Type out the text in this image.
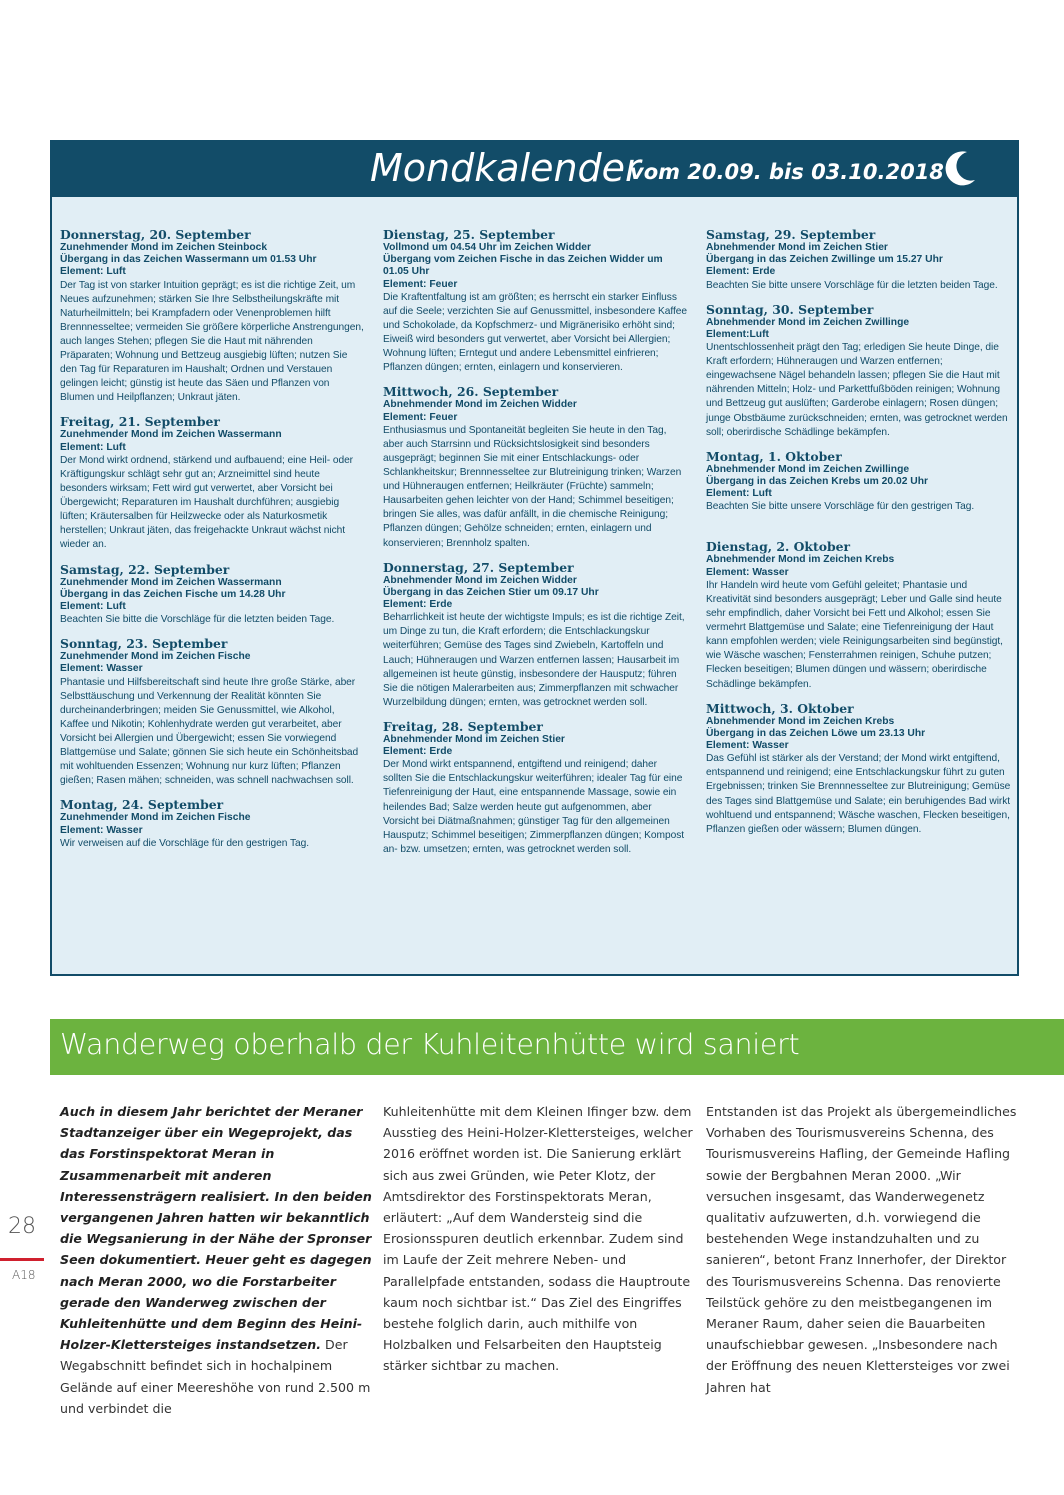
Mondkalender
vom 20.09. bis 03.10.2018
Donnerstag, 20. September
Zunehmender Mond im Zeichen Steinbock
Übergang in das Zeichen Wassermann um 01.53 Uhr
Element: Luft
Der Tag ist von starker Intuition geprägt; es ist die richtige Zeit, um Neues aufzunehmen; stärken Sie Ihre Selbstheilungskräfte mit Naturheilmitteln; bei Krampfadern oder Venenproblemen hilft Brennnesseltee; vermeiden Sie größere körperliche Anstrengungen, auch langes Stehen; pflegen Sie die Haut mit nährenden Präparaten; Wohnung und Bettzeug ausgiebig lüften; nutzen Sie den Tag für Reparaturen im Haushalt; Ordnen und Verstauen gelingen leicht; günstig ist heute das Säen und Pflanzen von Blumen und Heilpflanzen; Unkraut jäten.
Freitag, 21. September
Zunehmender Mond im Zeichen Wassermann
Element: Luft
Der Mond wirkt ordnend, stärkend und aufbauend; eine Heil- oder Kräftigungskur schlägt sehr gut an; Arzneimittel sind heute besonders wirksam; Fett wird gut verwertet, aber Vorsicht bei Übergewicht; Reparaturen im Haushalt durchführen; ausgiebig lüften; Kräutersalben für Heilzwecke oder als Naturkosmetik herstellen; Unkraut jäten, das freigehackte Unkraut wächst nicht wieder an.
Samstag, 22. September
Zunehmender Mond im Zeichen Wassermann
Übergang in das Zeichen Fische um 14.28 Uhr
Element: Luft
Beachten Sie bitte die Vorschläge für die letzten beiden Tage.
Sonntag, 23. September
Zunehmender Mond im Zeichen Fische
Element: Wasser
Phantasie und Hilfsbereitschaft sind heute Ihre große Stärke, aber Selbsttäuschung und Verkennung der Realität könnten Sie durcheinanderbringen; meiden Sie Genussmittel, wie Alkohol, Kaffee und Nikotin; Kohlenhydrate werden gut verarbeitet, aber Vorsicht bei Allergien und Übergewicht; essen Sie vorwiegend Blattgemüse und Salate; gönnen Sie sich heute ein Schönheitsbad mit wohltuenden Essenzen; Wohnung nur kurz lüften; Pflanzen gießen; Rasen mähen; schneiden, was schnell nachwachsen soll.
Montag, 24. September
Zunehmender Mond im Zeichen Fische
Element: Wasser
Wir verweisen auf die Vorschläge für den gestrigen Tag.
Dienstag, 25. September
Vollmond um 04.54 Uhr im Zeichen Widder
Übergang vom Zeichen Fische in das Zeichen Widder um 01.05 Uhr
Element: Feuer
Die Kraftentfaltung ist am größten; es herrscht ein starker Einfluss auf die Seele; verzichten Sie auf Genussmittel, insbesondere Kaffee und Schokolade, da Kopfschmerz- und Migränerisiko erhöht sind; Eiweiß wird besonders gut verwertet, aber Vorsicht bei Allergien; Wohnung lüften; Erntegut und andere Lebensmittel einfrieren; Pflanzen düngen; ernten, einlagern und konservieren.
Mittwoch, 26. September
Abnehmender Mond im Zeichen Widder
Element: Feuer
Enthusiasmus und Spontaneität begleiten Sie heute in den Tag, aber auch Starrsinn und Rücksichtslosigkeit sind besonders ausgeprägt; beginnen Sie mit einer Entschlackungs- oder Schlankheitskur; Brennnesseltee zur Blutreinigung trinken; Warzen und Hühneraugen entfernen; Heilkräuter (Früchte) sammeln; Hausarbeiten gehen leichter von der Hand; Schimmel beseitigen; bringen Sie alles, was dafür anfällt, in die chemische Reinigung; Pflanzen düngen; Gehölze schneiden; ernten, einlagern und konservieren; Brennholz spalten.
Donnerstag, 27. September
Abnehmender Mond im Zeichen Widder
Übergang in das Zeichen Stier um 09.17 Uhr
Element: Erde
Beharrlichkeit ist heute der wichtigste Impuls; es ist die richtige Zeit, um Dinge zu tun, die Kraft erfordern; die Entschlackungskur weiterführen; Gemüse des Tages sind Zwiebeln, Kartoffeln und Lauch; Hühneraugen und Warzen entfernen lassen; Hausarbeit im allgemeinen ist heute günstig, insbesondere der Hausputz; führen Sie die nötigen Malerarbeiten aus; Zimmerpflanzen mit schwacher Wurzelbildung düngen; ernten, was getrocknet werden soll.
Freitag, 28. September
Abnehmender Mond im Zeichen Stier
Element: Erde
Der Mond wirkt entspannend, entgiftend und reinigend; daher sollten Sie die Entschlackungskur weiterführen; idealer Tag für eine Tiefenreinigung der Haut, eine entspannende Massage, sowie ein heilendes Bad; Salze werden heute gut aufgenommen, aber Vorsicht bei Diätmaßnahmen; günstiger Tag für den allgemeinen Hausputz; Schimmel beseitigen; Zimmerpflanzen düngen; Kompost an- bzw. umsetzen; ernten, was getrocknet werden soll.
Samstag, 29. September
Abnehmender Mond im Zeichen Stier
Übergang in das Zeichen Zwillinge um 15.27 Uhr
Element: Erde
Beachten Sie bitte unsere Vorschläge für die letzten beiden Tage.
Sonntag, 30. September
Abnehmender Mond im Zeichen Zwillinge
Element:Luft
Unentschlossenheit prägt den Tag; erledigen Sie heute Dinge, die Kraft erfordern; Hühneraugen und Warzen entfernen; eingewachsene Nägel behandeln lassen; pflegen Sie die Haut mit nährenden Mitteln; Holz- und Parkettfußböden reinigen; Wohnung und Bettzeug gut auslüften; Garderobe einlagern; Rosen düngen; junge Obstbäume zurückschneiden; ernten, was getrocknet werden soll; oberirdische Schädlinge bekämpfen.
Montag, 1. Oktober
Abnehmender Mond im Zeichen Zwillinge
Übergang in das Zeichen Krebs um 20.02 Uhr
Element: Luft
Beachten Sie bitte unsere Vorschläge für den gestrigen Tag.
Dienstag, 2. Oktober
Abnehmender Mond im Zeichen Krebs
Element: Wasser
Ihr Handeln wird heute vom Gefühl geleitet; Phantasie und Kreativität sind besonders ausgeprägt; Leber und Galle sind heute sehr empfindlich, daher Vorsicht bei Fett und Alkohol; essen Sie vermehrt Blattgemüse und Salate; eine Tiefenreinigung der Haut kann empfohlen werden; viele Reinigungsarbeiten sind begünstigt, wie Wäsche waschen; Fensterrahmen reinigen, Schuhe putzen; Flecken beseitigen; Blumen düngen und wässern; oberirdische Schädlinge bekämpfen.
Mittwoch, 3. Oktober
Abnehmender Mond im Zeichen Krebs
Übergang in das Zeichen Löwe um 23.13 Uhr
Element: Wasser
Das Gefühl ist stärker als der Verstand; der Mond wirkt entgiftend, entspannend und reinigend; eine Entschlackungskur führt zu guten Ergebnissen; trinken Sie Brennnesseltee zur Blutreinigung; Gemüse des Tages sind Blattgemüse und Salate; ein beruhigendes Bad wirkt wohltuend und entspannend; Wäsche waschen, Flecken beseitigen, Pflanzen gießen oder wässern; Blumen düngen.
Wanderweg oberhalb der Kuhleitenhütte wird saniert
Auch in diesem Jahr berichtet der Meraner Stadtanzeiger über ein Wegeprojekt, das das Forstinspektorat Meran in Zusammenarbeit mit anderen Interessensträgern realisiert. In den beiden vergangenen Jahren hatten wir bekanntlich die Wegsanierung in der Nähe der Spronser Seen dokumentiert. Heuer geht es dagegen nach Meran 2000, wo die Forstarbeiter gerade den Wanderweg zwischen der Kuhleitenhütte und dem Beginn des Heini-Holzer-Klettersteiges instandsetzen. Der Wegabschnitt befindet sich in hochalpinem Gelände auf einer Meereshöhe von rund 2.500 m und verbindet die
Kuhleitenhütte mit dem Kleinen Ifinger bzw. dem Ausstieg des Heini-Holzer-Klettersteiges, welcher 2016 eröffnet worden ist. Die Sanierung erklärt sich aus zwei Gründen, wie Peter Klotz, der Amtsdirektor des Forstinspektorats Meran, erläutert: „Auf dem Wandersteig sind die Erosionsspuren deutlich erkennbar. Zudem sind im Laufe der Zeit mehrere Neben- und Parallelpfade entstanden, sodass die Hauptroute kaum noch sichtbar ist.“ Das Ziel des Eingriffes bestehe folglich darin, auch mithilfe von Holzbalken und Felsarbeiten den Hauptsteig stärker sichtbar zu machen.
Entstanden ist das Projekt als übergemeindliches Vorhaben des Tourismusvereins Schenna, des Tourismusvereins Hafling, der Gemeinde Hafling sowie der Bergbahnen Meran 2000. „Wir versuchen insgesamt, das Wanderwegenetz qualitativ aufzuwerten, d.h. vorwiegend die bestehenden Wege instandzuhalten und zu sanieren“, betont Franz Innerhofer, der Direktor des Tourismusvereins Schenna. Das renovierte Teilstück gehöre zu den meistbegangenen im Meraner Raum, daher seien die Bauarbeiten unaufschiebbar gewesen. „Insbesondere nach der Eröffnung des neuen Klettersteiges vor zwei Jahren hat
28
A18
